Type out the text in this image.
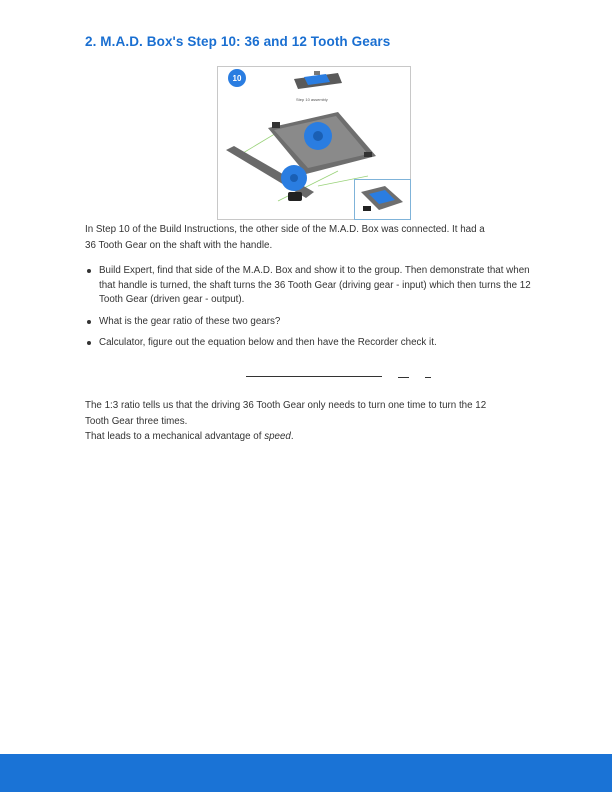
2. M.A.D. Box's Step 10: 36 and 12 Tooth Gears
10
Step 10 assembly
In Step 10 of the Build Instructions, the other side of the M.A.D. Box was connected. It had a
36 Tooth Gear on the shaft with the handle.
Build Expert, find that side of the M.A.D. Box and show it to the group. Then demonstrate that when that handle is turned, the shaft turns the 36 Tooth Gear (driving gear - input) which then turns the 12 Tooth Gear (driven gear - output).
What is the gear ratio of these two gears?
Calculator, figure out the equation below and then have the Recorder check it.
The 1:3 ratio tells us that the driving 36 Tooth Gear only needs to turn one time to turn the 12
Tooth Gear three times.
That leads to a mechanical advantage of speed.
